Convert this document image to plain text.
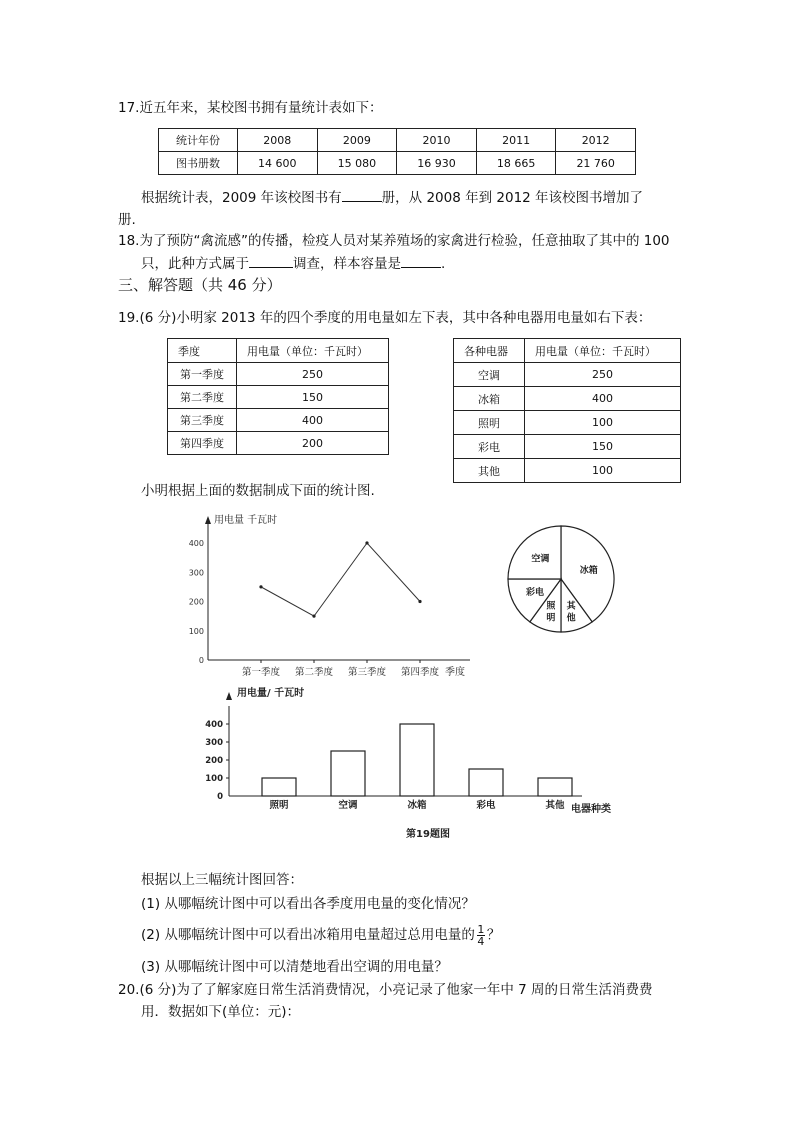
17.近五年来，某校图书拥有量统计表如下：
统计年份	2008	2009	2010	2011	2012
图书册数	14 600	15 080	16 930	18 665	21 760
根据统计表，2009 年该校图书有	册，从 2008 年到 2012 年该校图书增加了
册.
18.为了预防“禽流感”的传播，检疫人员对某养殖场的家禽进行检验，任意抽取了其中的 100
只，此种方式属于	调查，样本容量是	.
三、解答题（共 46 分）
19.(6 分)小明家 2013 年的四个季度的用电量如左下表，其中各种电器用电量如右下表：
季度	用电量（单位：千瓦时）
第一季度	250
第二季度	150
第三季度	400
第四季度	200
各种电器	用电量（单位：千瓦时）
空调	250
冰箱	400
照明	100
彩电	150
其他	100
小明根据上面的数据制成下面的统计图.
用电量 千瓦时
季度
0
100
200
300
400
第一季度 第二季度 第三季度 第四季度
冰箱
其他
照明
彩电
空调
用电量/ 千瓦时
电器种类
0
100
200
300
400
照明	空调	冰箱	彩电	其他
第19题图
根据以上三幅统计图回答：
(1) 从哪幅统计图中可以看出各季度用电量的变化情况？
(2) 从哪幅统计图中可以看出冰箱用电量超过总用电量的 $\frac{1}{4}$ ？
(3) 从哪幅统计图中可以清楚地看出空调的用电量？
20.(6 分)为了了解家庭日常生活消费情况，小亮记录了他家一年中 7 周的日常生活消费费
用．数据如下(单位：元)：
